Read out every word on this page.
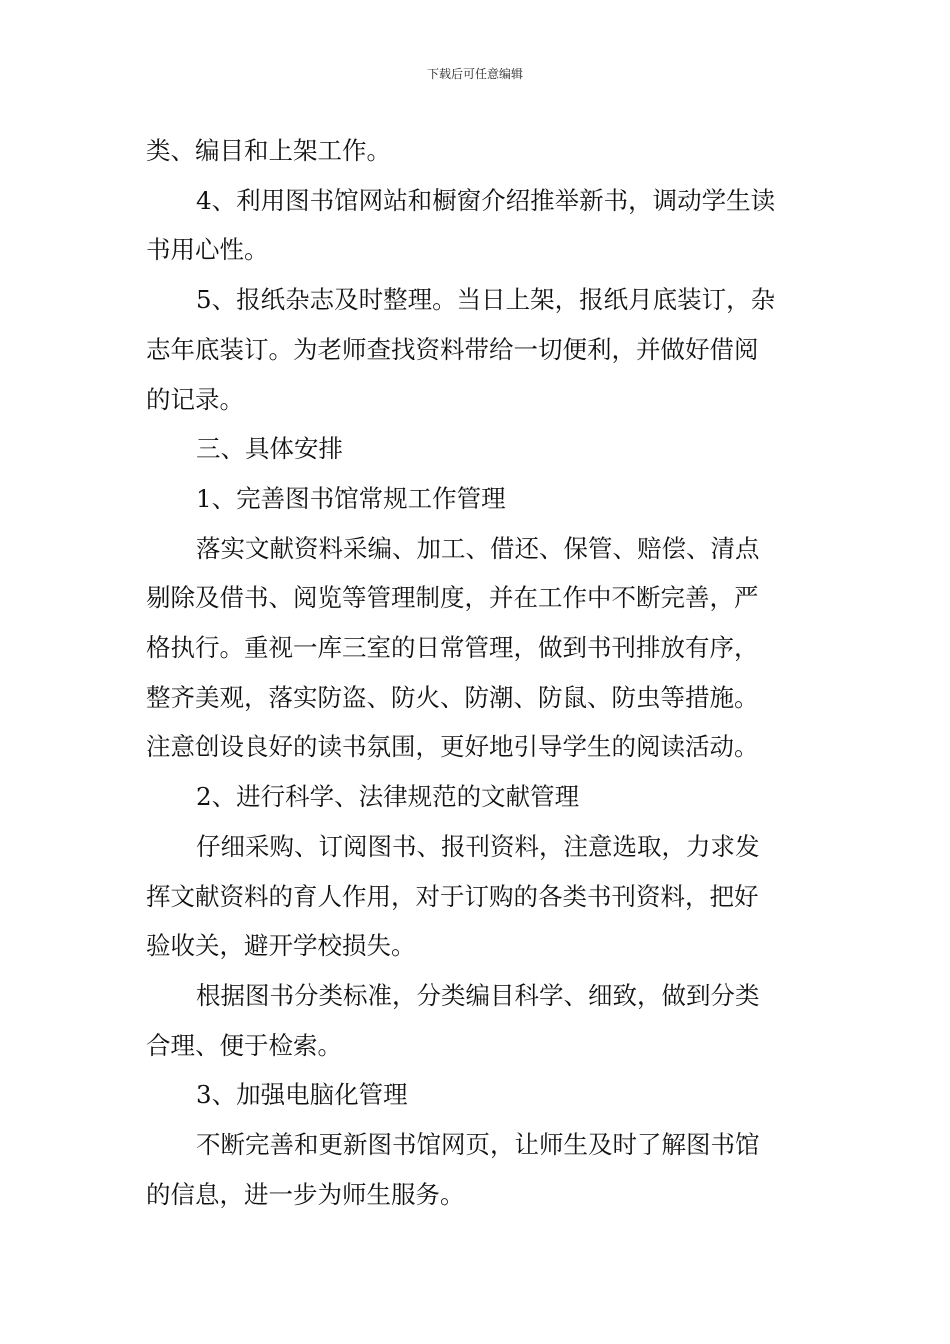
下载后可任意编辑

类、编目和上架工作。

4、利用图书馆网站和橱窗介绍推举新书，调动学生读

书用心性。

5、报纸杂志及时整理。当日上架，报纸月底装订，杂

志年底装订。为老师查找资料带给一切便利，并做好借阅

的记录。

三、具体安排

1、完善图书馆常规工作管理

落实文献资料采编、加工、借还、保管、赔偿、清点

剔除及借书、阅览等管理制度，并在工作中不断完善，严

格执行。重视一库三室的日常管理，做到书刊排放有序，

整齐美观，落实防盗、防火、防潮、防鼠、防虫等措施。

注意创设良好的读书氛围，更好地引导学生的阅读活动。

2、进行科学、法律规范的文献管理

仔细采购、订阅图书、报刊资料，注意选取，力求发

挥文献资料的育人作用，对于订购的各类书刊资料，把好

验收关，避开学校损失。

根据图书分类标准，分类编目科学、细致，做到分类

合理、便于检索。

3、加强电脑化管理

不断完善和更新图书馆网页，让师生及时了解图书馆

的信息，进一步为师生服务。
